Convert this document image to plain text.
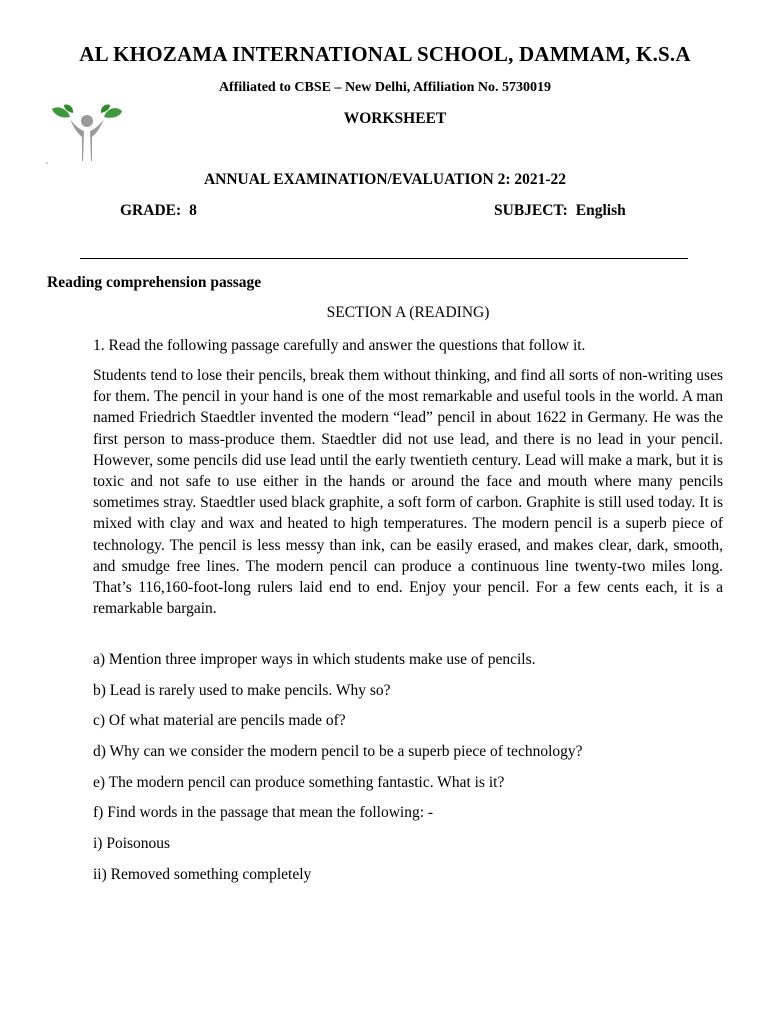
AL KHOZAMA INTERNATIONAL SCHOOL, DAMMAM, K.S.A
Affiliated to CBSE – New Delhi, Affiliation No. 5730019
WORKSHEET
ANNUAL EXAMINATION/EVALUATION 2: 2021-22
GRADE: 8	SUBJECT: English
Reading comprehension passage
SECTION A (READING)
1. Read the following passage carefully and answer the questions that follow it.

Students tend to lose their pencils, break them without thinking, and find all sorts of non-writing uses for them. The pencil in your hand is one of the most remarkable and useful tools in the world. A man named Friedrich Staedtler invented the modern “lead” pencil in about 1622 in Germany. He was the first person to mass-produce them. Staedtler did not use lead, and there is no lead in your pencil. However, some pencils did use lead until the early twentieth century. Lead will make a mark, but it is toxic and not safe to use either in the hands or around the face and mouth where many pencils sometimes stray. Staedtler used black graphite, a soft form of carbon. Graphite is still used today. It is mixed with clay and wax and heated to high temperatures. The modern pencil is a superb piece of technology. The pencil is less messy than ink, can be easily erased, and makes clear, dark, smooth, and smudge free lines. The modern pencil can produce a continuous line twenty-two miles long. That’s 116,160-foot-long rulers laid end to end. Enjoy your pencil. For a few cents each, it is a remarkable bargain.

a) Mention three improper ways in which students make use of pencils.
b) Lead is rarely used to make pencils. Why so?
c) Of what material are pencils made of?
d) Why can we consider the modern pencil to be a superb piece of technology?
e) The modern pencil can produce something fantastic. What is it?
f) Find words in the passage that mean the following: -
i) Poisonous
ii) Removed something completely
